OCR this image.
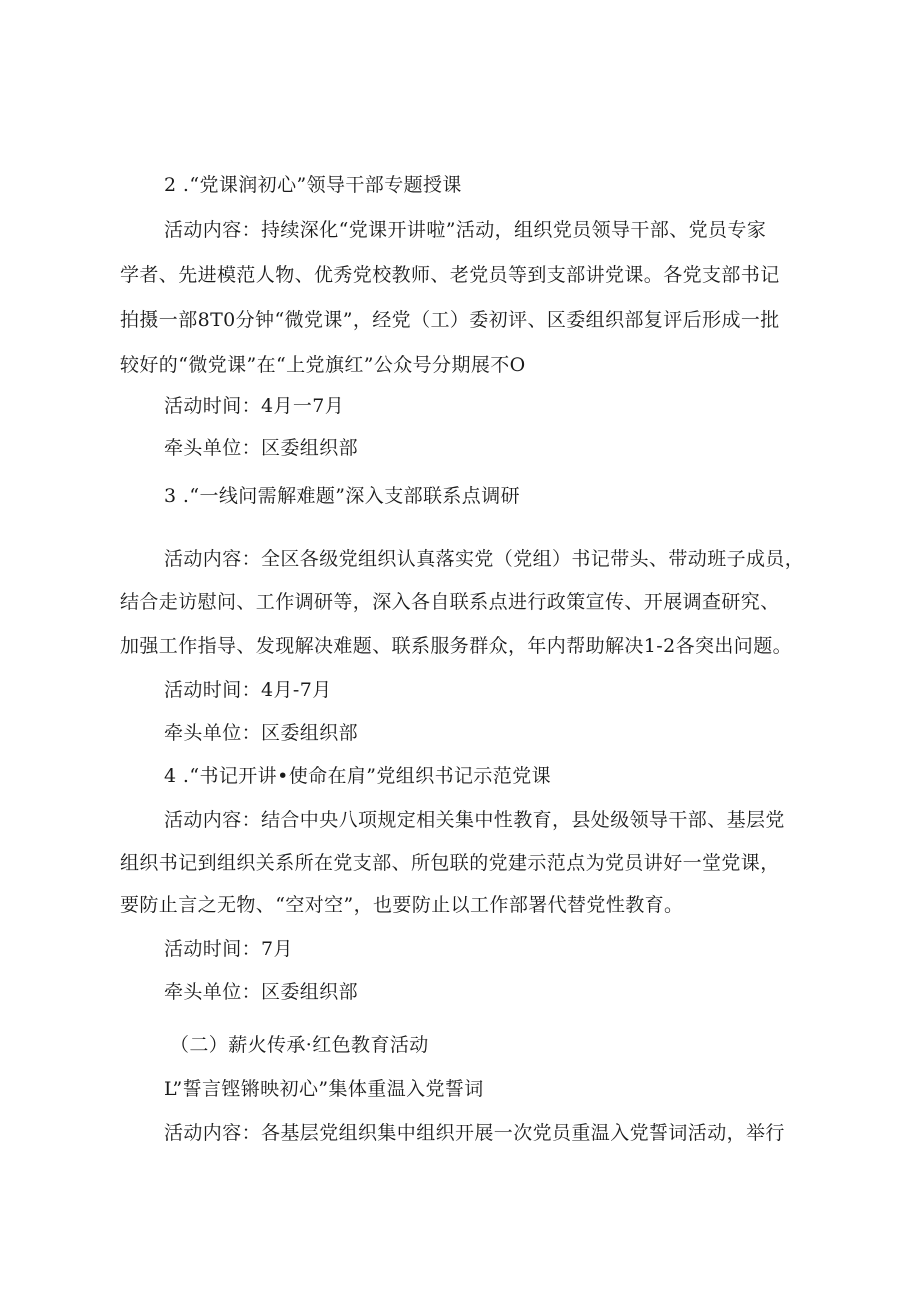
2 .“党课润初心”领导干部专题授课
活动内容：持续深化“党课开讲啦”活动，组织党员领导干部、党员专家
学者、先进模范人物、优秀党校教师、老党员等到支部讲党课。各党支部书记
拍摄一部8T0分钟“微党课”，经党（工）委初评、区委组织部复评后形成一批
较好的“微党课”在“上党旗红”公众号分期展不O
活动时间：4月一7月
牵头单位：区委组织部
3 .“一线问需解难题”深入支部联系点调研
活动内容：全区各级党组织认真落实党（党组）书记带头、带动班子成员，
结合走访慰问、工作调研等，深入各自联系点进行政策宣传、开展调查研究、
加强工作指导、发现解决难题、联系服务群众，年内帮助解决1-2各突出问题。
活动时间：4月-7月
牵头单位：区委组织部
4 .“书记开讲•使命在肩”党组织书记示范党课
活动内容：结合中央八项规定相关集中性教育，县处级领导干部、基层党
组织书记到组织关系所在党支部、所包联的党建示范点为党员讲好一堂党课，
要防止言之无物、“空对空”，也要防止以工作部署代替党性教育。
活动时间：7月
牵头单位：区委组织部
（二）薪火传承·红色教育活动
L”誓言铿锵映初心”集体重温入党誓词
活动内容：各基层党组织集中组织开展一次党员重温入党誓词活动，举行
